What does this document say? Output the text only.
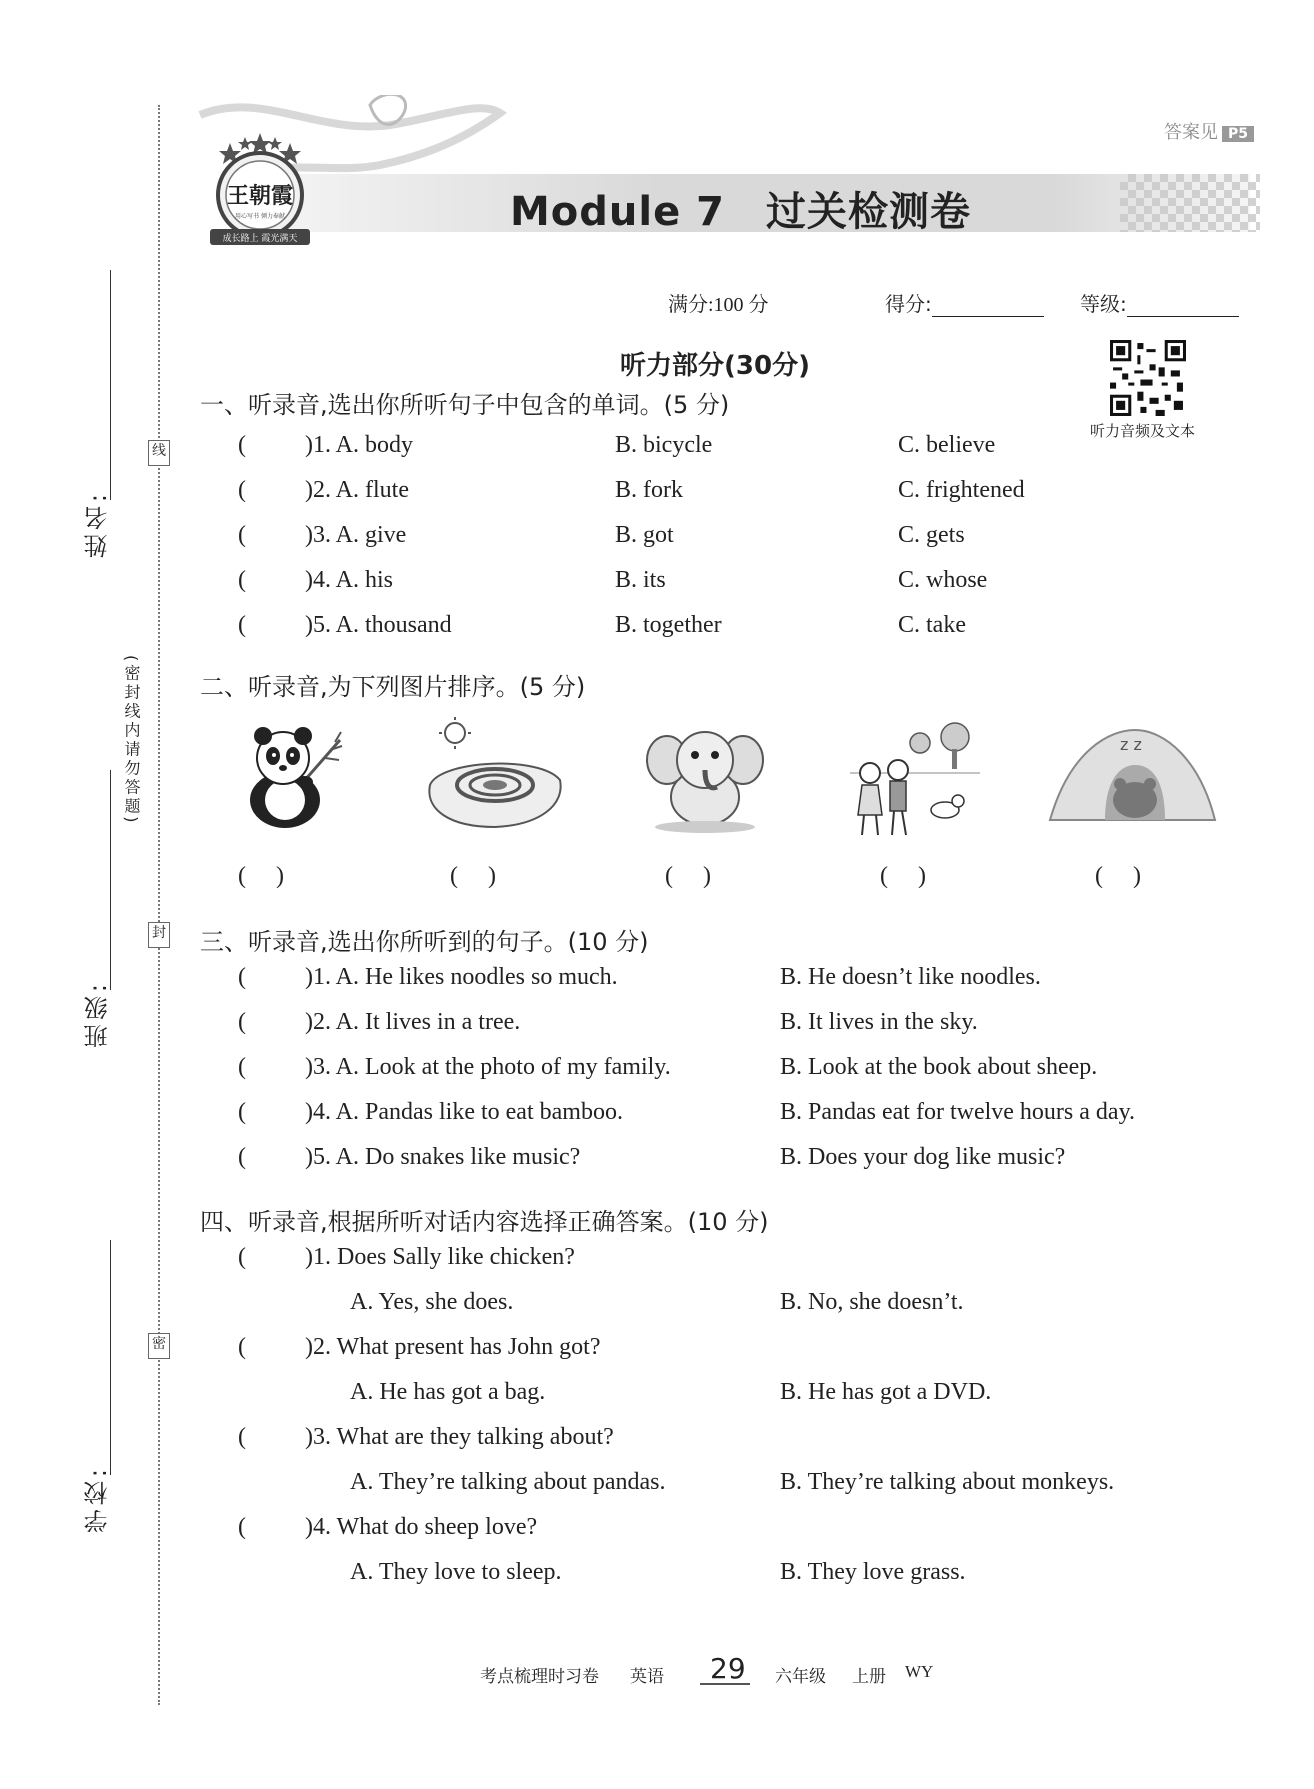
线
封
密
(密封线内请勿答题)
姓名:
班级:
学校:
答案见 P5
王朝霞
用心写书 倾力奉献
成长路上 霞光满天
Module 7　过关检测卷
满分:100 分	得分:	等级:
听力音频及文本
听力部分(30分)
一、听录音,选出你所听句子中包含的单词。(5 分)
( )1. A. body	B. bicycle	C. believe
( )2. A. flute	B. fork	C. frightened
( )3. A. give	B. got	C. gets
( )4. A. his	B. its	C. whose
( )5. A. thousand	B. together	C. take
二、听录音,为下列图片排序。(5 分)
z z
(     )	(     )	(     )	(     )	(     )
三、听录音,选出你所听到的句子。(10 分)
( )1. A. He likes noodles so much.	B. He doesn’t like noodles.
( )2. A. It lives in a tree.	B. It lives in the sky.
( )3. A. Look at the photo of my family.	B. Look at the book about sheep.
( )4. A. Pandas like to eat bamboo.	B. Pandas eat for twelve hours a day.
( )5. A. Do snakes like music?	B. Does your dog like music?
四、听录音,根据所听对话内容选择正确答案。(10 分)
( )1. Does Sally like chicken?
A. Yes, she does.	B. No, she doesn’t.
( )2. What present has John got?
A. He has got a bag.	B. He has got a DVD.
( )3. What are they talking about?
A. They’re talking about pandas.	B. They’re talking about monkeys.
( )4. What do sheep love?
A. They love to sleep.	B. They love grass.
考点梳理时习卷 英语 29 六年级 上册 WY
